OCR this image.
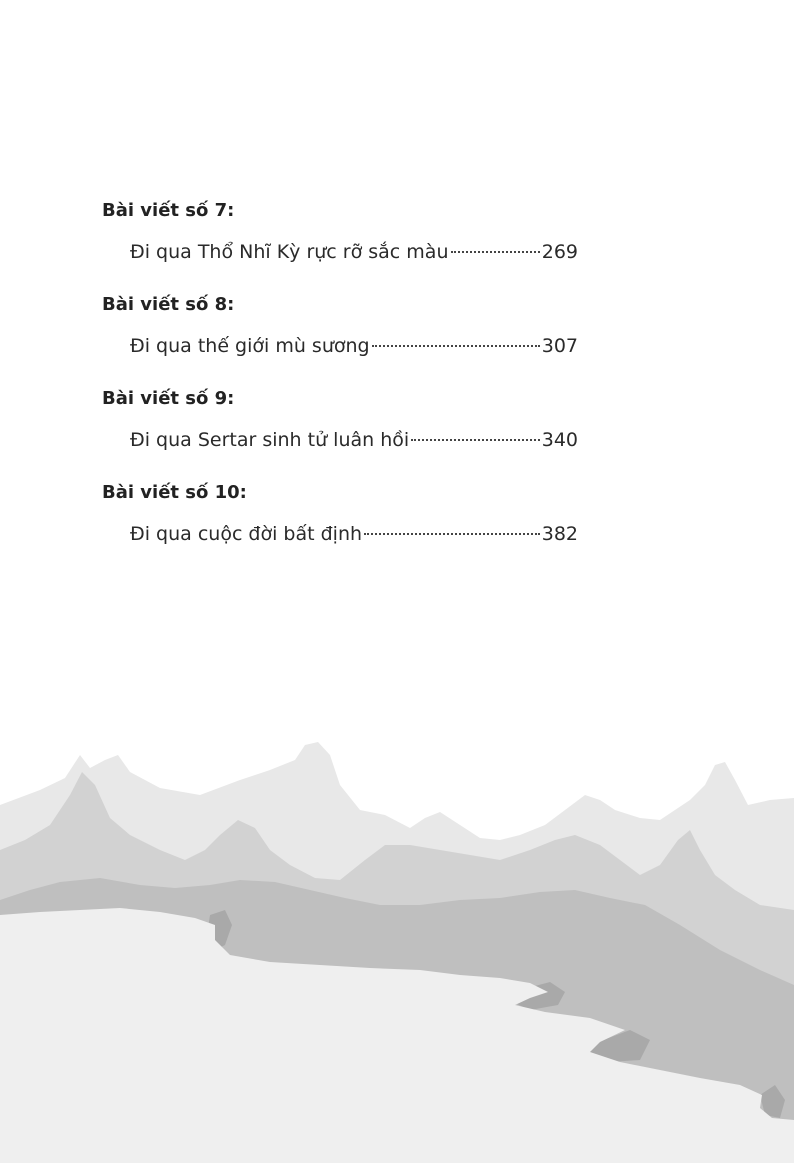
Bài viết số 7:
Đi qua Thổ Nhĩ Kỳ rực rỡ sắc màu	269
Bài viết số 8:
Đi qua thế giới mù sương	307
Bài viết số 9:
Đi qua Sertar sinh tử luân hồi	340
Bài viết số 10:
Đi qua cuộc đời bất định	382
